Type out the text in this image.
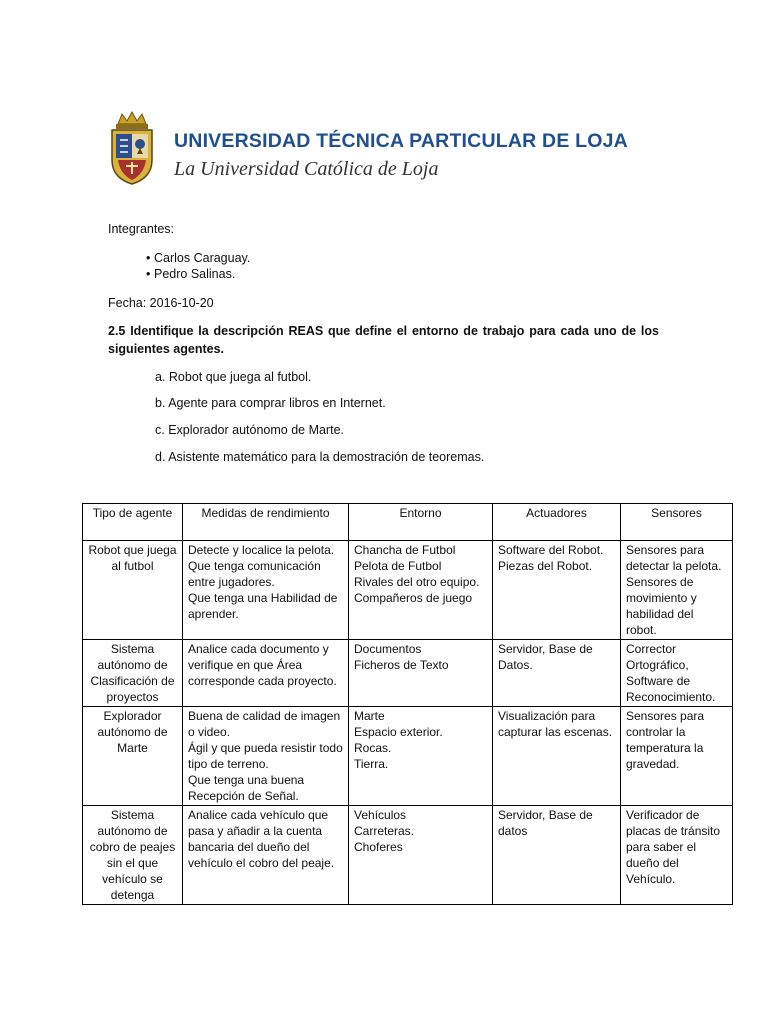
UNIVERSIDAD TÉCNICA PARTICULAR DE LOJA
La Universidad Católica de Loja
Integrantes:
• Carlos Caraguay.
• Pedro Salinas.
Fecha: 2016-10-20
2.5 Identifique la descripción REAS que define el entorno de trabajo para cada uno de los siguientes agentes.
a. Robot que juega al futbol.
b. Agente para comprar libros en Internet.
c. Explorador autónomo de Marte.
d. Asistente matemático para la demostración de teoremas.
Tipo de agente	Medidas de rendimiento	Entorno	Actuadores	Sensores
Robot que juega al futbol	Detecte y localice la pelota.
Que tenga comunicación entre jugadores.
Que tenga una Habilidad de aprender.	Chancha de Futbol
Pelota de Futbol
Rivales del otro equipo.
Compañeros de juego	Software del Robot.
Piezas del Robot.	Sensores para detectar la pelota.
Sensores de movimiento y habilidad del robot.

Sistema autónomo de Clasificación de proyectos	Analice cada documento y verifique en que Área corresponde cada proyecto.	Documentos
Ficheros de Texto	Servidor, Base de Datos.	Corrector Ortográfico, Software de Reconocimiento.

Explorador autónomo de Marte	Buena de calidad de imagen o video.
Ágil y que pueda resistir todo tipo de terreno.
Que tenga una buena Recepción de Señal.	Marte
Espacio exterior.
Rocas.
Tierra.	Visualización para capturar las escenas.	Sensores para controlar la temperatura la gravedad.

Sistema autónomo de cobro de peajes sin el que vehículo se detenga	Analice cada vehículo que pasa y añadir a la cuenta bancaria del dueño del vehículo el cobro del peaje.	Vehículos
Carreteras.
Choferes	Servidor, Base de datos	Verificador de placas de tránsito para saber el dueño del Vehículo.
